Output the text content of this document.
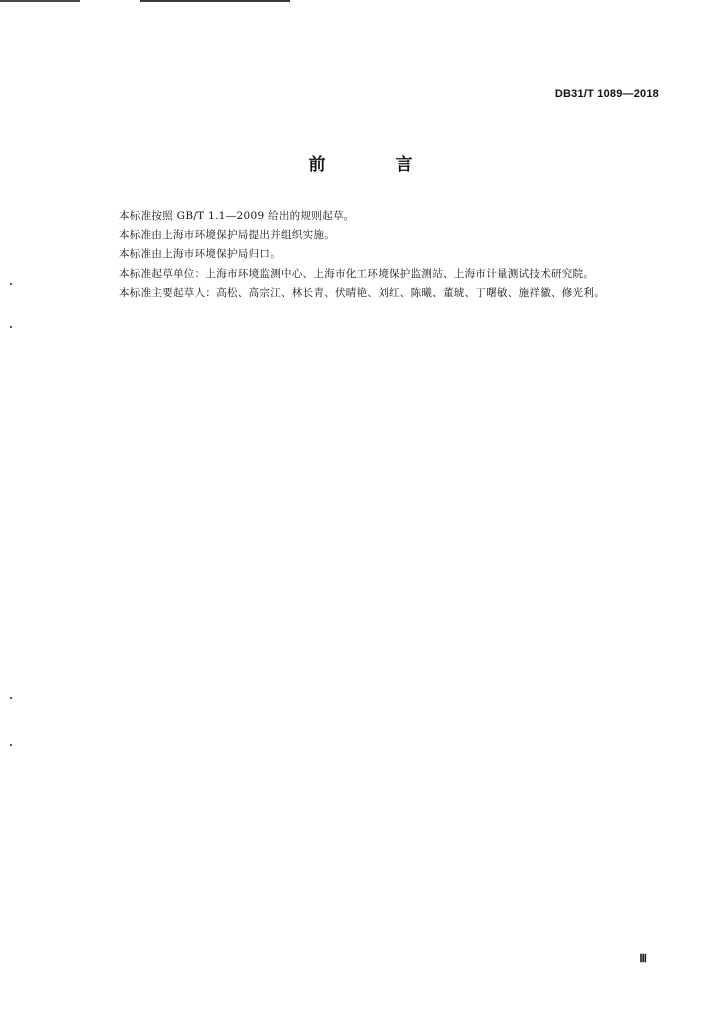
DB31/T 1089—2018
前 言
本标准按照 GB/T 1.1—2009 给出的规则起草。
本标准由上海市环境保护局提出并组织实施。
本标准由上海市环境保护局归口。
本标准起草单位：上海市环境监测中心、上海市化工环境保护监测站、上海市计量测试技术研究院。
本标准主要起草人：高松、高宗江、林长青、伏晴艳、刘红、陈曦、董琥、丁曙敏、施祥徽、修光利。
Ⅲ
